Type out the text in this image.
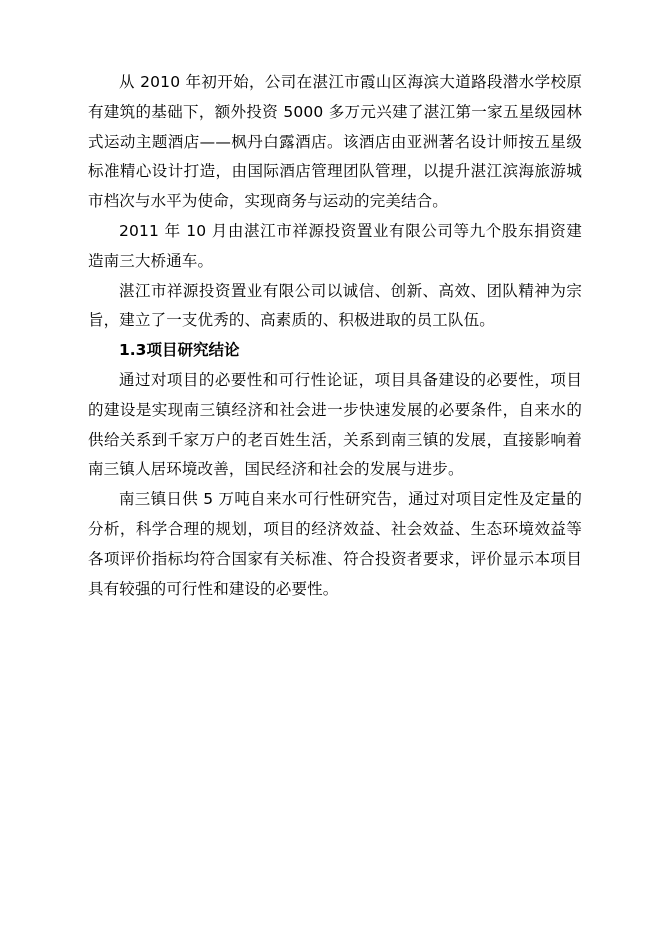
从 2010 年初开始，公司在湛江市霞山区海滨大道路段潜水学校原有建筑的基础下，额外投资 5000 多万元兴建了湛江第一家五星级园林式运动主题酒店——枫丹白露酒店。该酒店由亚洲著名设计师按五星级标准精心设计打造，由国际酒店管理团队管理，以提升湛江滨海旅游城市档次与水平为使命，实现商务与运动的完美结合。

2011 年 10 月由湛江市祥源投资置业有限公司等九个股东捐资建造南三大桥通车。

湛江市祥源投资置业有限公司以诚信、创新、高效、团队精神为宗旨，建立了一支优秀的、高素质的、积极进取的员工队伍。

1.3项目研究结论

通过对项目的必要性和可行性论证，项目具备建设的必要性，项目的建设是实现南三镇经济和社会进一步快速发展的必要条件，自来水的供给关系到千家万户的老百姓生活，关系到南三镇的发展，直接影响着南三镇人居环境改善，国民经济和社会的发展与进步。

南三镇日供 5 万吨自来水可行性研究告，通过对项目定性及定量的分析，科学合理的规划，项目的经济效益、社会效益、生态环境效益等各项评价指标均符合国家有关标准、符合投资者要求，评价显示本项目具有较强的可行性和建设的必要性。
